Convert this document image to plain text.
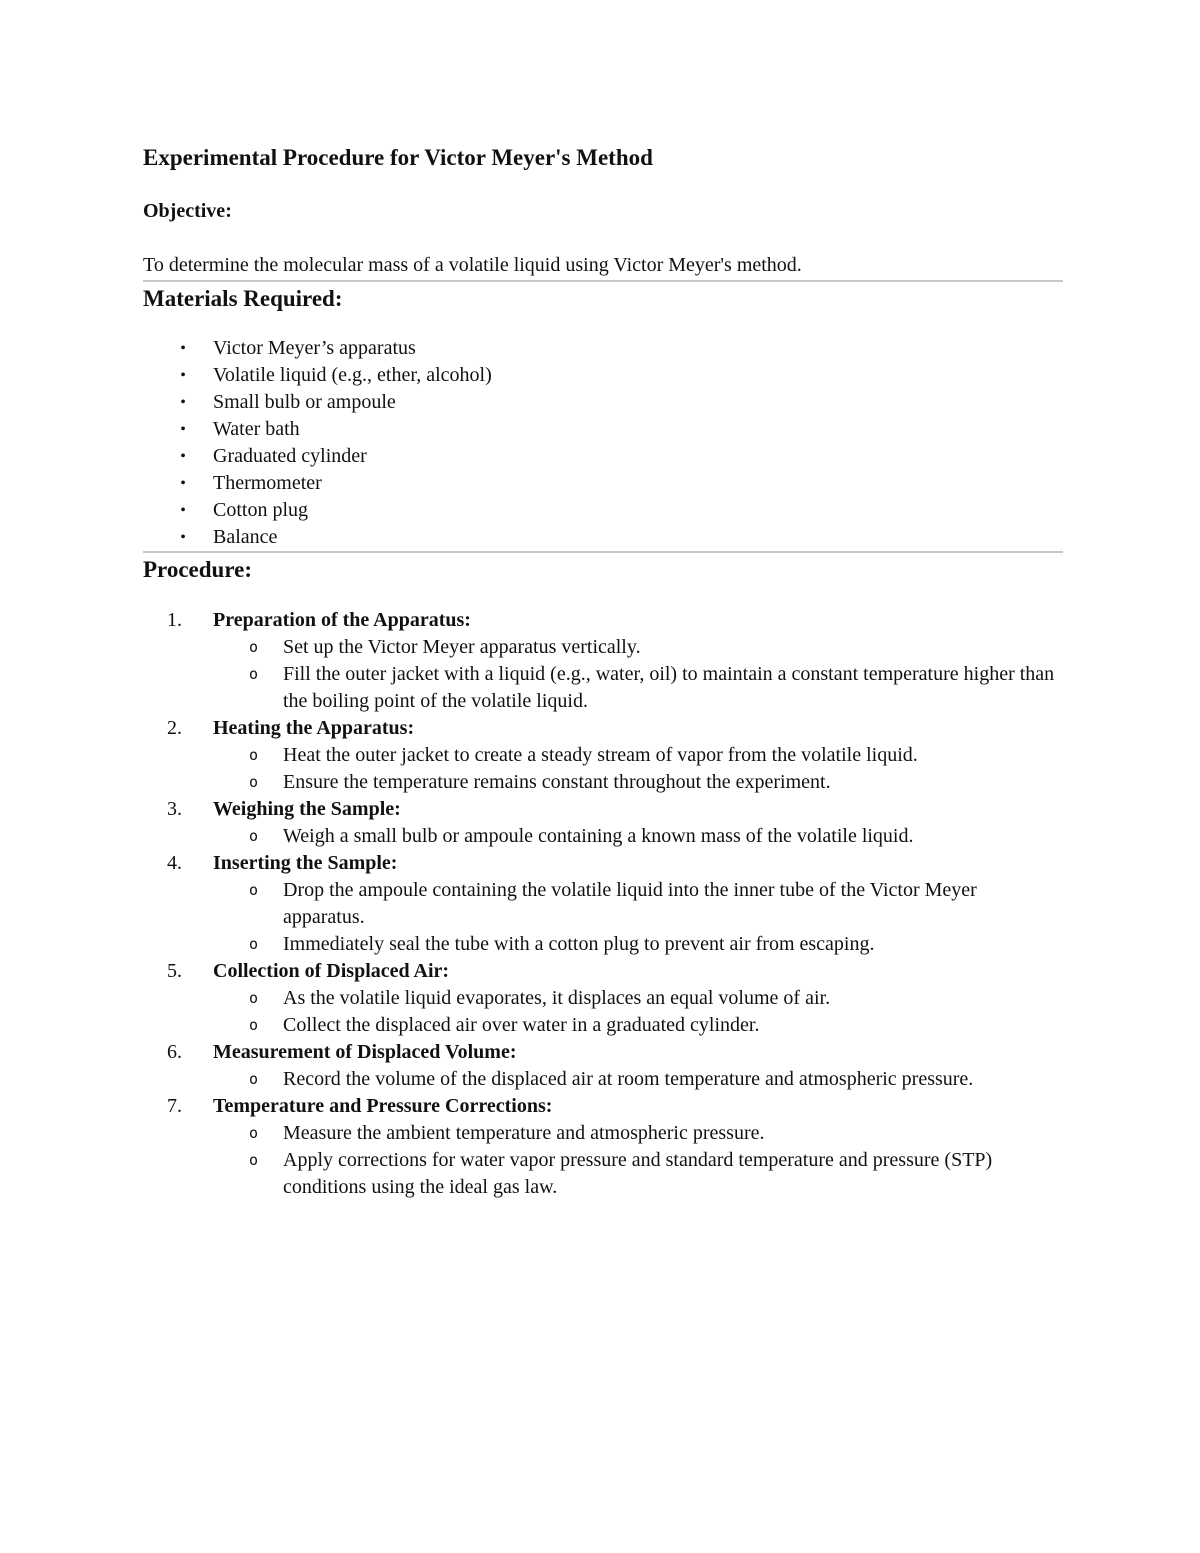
Experimental Procedure for Victor Meyer's Method
Objective:
To determine the molecular mass of a volatile liquid using Victor Meyer's method.
Materials Required:
•	Victor Meyer’s apparatus
•	Volatile liquid (e.g., ether, alcohol)
•	Small bulb or ampoule
•	Water bath
•	Graduated cylinder
•	Thermometer
•	Cotton plug
•	Balance
Procedure:
1.	Preparation of the Apparatus:
o Set up the Victor Meyer apparatus vertically.
o Fill the outer jacket with a liquid (e.g., water, oil) to maintain a constant temperature higher than the boiling point of the volatile liquid.
2.	Heating the Apparatus:
o Heat the outer jacket to create a steady stream of vapor from the volatile liquid.
o Ensure the temperature remains constant throughout the experiment.
3.	Weighing the Sample:
o Weigh a small bulb or ampoule containing a known mass of the volatile liquid.
4.	Inserting the Sample:
o Drop the ampoule containing the volatile liquid into the inner tube of the Victor Meyer apparatus.
o Immediately seal the tube with a cotton plug to prevent air from escaping.
5.	Collection of Displaced Air:
o As the volatile liquid evaporates, it displaces an equal volume of air.
o Collect the displaced air over water in a graduated cylinder.
6.	Measurement of Displaced Volume:
o Record the volume of the displaced air at room temperature and atmospheric pressure.
7.	Temperature and Pressure Corrections:
o Measure the ambient temperature and atmospheric pressure.
o Apply corrections for water vapor pressure and standard temperature and pressure (STP) conditions using the ideal gas law.
